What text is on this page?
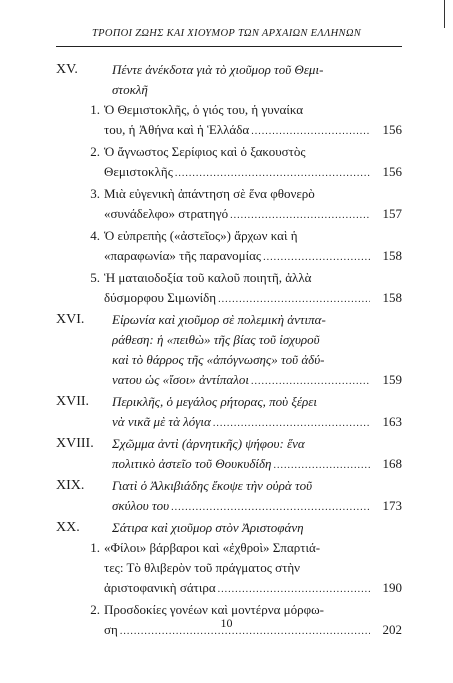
ΤΡΟΠΟΙ ΖΩΗΣ ΚΑΙ ΧΙΟΥΜΟΡ ΤΩΝ ΑΡΧΑΙΩΝ ΕΛΛΗΝΩΝ
XV.	Πέντε ἀνέκδοτα γιὰ τὸ χιοῦμορ τοῦ Θεμι-
στοκλῆ
1. Ὁ Θεμιστοκλῆς, ὁ γιός του, ἡ γυναίκα
του, ἡ Ἀθήνα καὶ ἡ Ἑλλάδα .....	156
2. Ὁ ἄγνωστος Σερίφιος καὶ ὁ ξακουστὸς
Θεμιστοκλῆς .....	156
3. Μιὰ εὐγενικὴ ἀπάντηση σὲ ἕνα φθονερὸ
«συνάδελφο» στρατηγό .....	157
4. Ὁ εὐπρεπὴς («ἀστεῖος») ἄρχων καὶ ἡ
«παραφωνία» τῆς παρανομίας .....	158
5. Ἡ ματαιοδοξία τοῦ καλοῦ ποιητῆ, ἀλλὰ
δύσμορφου Σιμωνίδη .....	158
XVI.	Εἰρωνία καὶ χιοῦμορ σὲ πολεμικὴ ἀντιπα-
ράθεση: ἡ «πειθὼ» τῆς βίας τοῦ ἰσχυροῦ
καὶ τὸ θάρρος τῆς «ἀπόγνωσης» τοῦ ἀδύ-
νατου ὡς «ἴσοι» ἀντίπαλοι .....	159
XVII.	Περικλῆς, ὁ μεγάλος ρήτορας, ποὺ ξέρει
νὰ νικᾶ μὲ τὰ λόγια .....	163
XVIII.	Σχῶμμα ἀντὶ (ἀρνητικῆς) ψήφου: ἕνα
πολιτικὸ ἀστεῖο τοῦ Θουκυδίδη .....	168
XIX.	Γιατὶ ὁ Ἀλκιβιάδης ἔκοψε τὴν οὐρὰ τοῦ
σκύλου του .....	173
XX.	Σάτιρα καὶ χιοῦμορ στὸν Ἀριστοφάνη
1. «Φίλοι» βάρβαροι καὶ «ἐχθροὶ» Σπαρτιά-
τες: Τὸ θλιβερὸν τοῦ πράγματος στὴν
ἀριστοφανικὴ σάτιρα .....	190
2. Προσδοκίες γονέων καὶ μοντέρνα μόρφω-
ση .....	202
10
